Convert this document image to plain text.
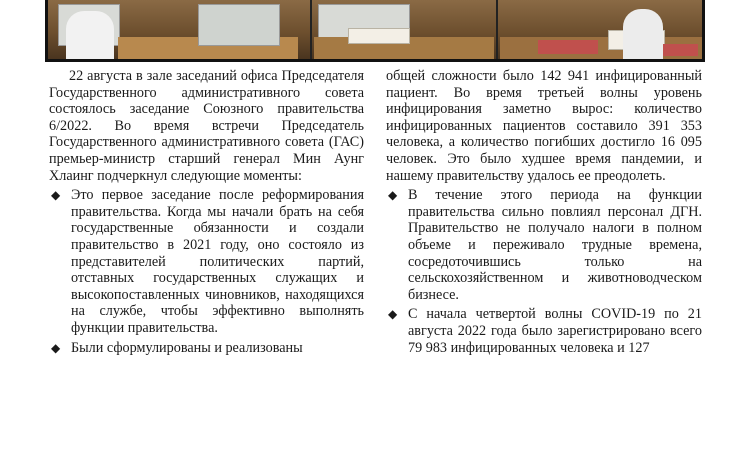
22 августа в зале заседаний офиса Председателя Государственного административного совета состоялось заседание Союзного правительства 6/2022. Во время встречи Председатель Государственного административного совета (ГАС) премьер-министр старший генерал Мин Аунг Хлаинг подчеркнул следующие моменты:

◆ Это первое заседание после реформирования правительства. Когда мы начали брать на себя государственные обязанности и создали правительство в 2021 году, оно состояло из представителей политических партий, отставных государственных служащих и высокопоставленных чиновников, находящихся на службе, чтобы эффективно выполнять функции правительства.
◆ Были сформулированы и реализованы

общей сложности было 142 941 инфицированный пациент. Во время третьей волны уровень инфицирования заметно вырос: количество инфицированных пациентов составило 391 353 человека, а количество погибших достигло 16 095 человек. Это было худшее время пандемии, и нашему правительству удалось ее преодолеть.

◆ В течение этого периода на функции правительства сильно повлиял персонал ДГН. Правительство не получало налоги в полном объеме и переживало трудные времена, сосредоточившись только на сельскохозяйственном и животноводческом бизнесе.
◆ С начала четвертой волны COVID-19 по 21 августа 2022 года было зарегистрировано всего 79 983 инфицированных человека и 127
